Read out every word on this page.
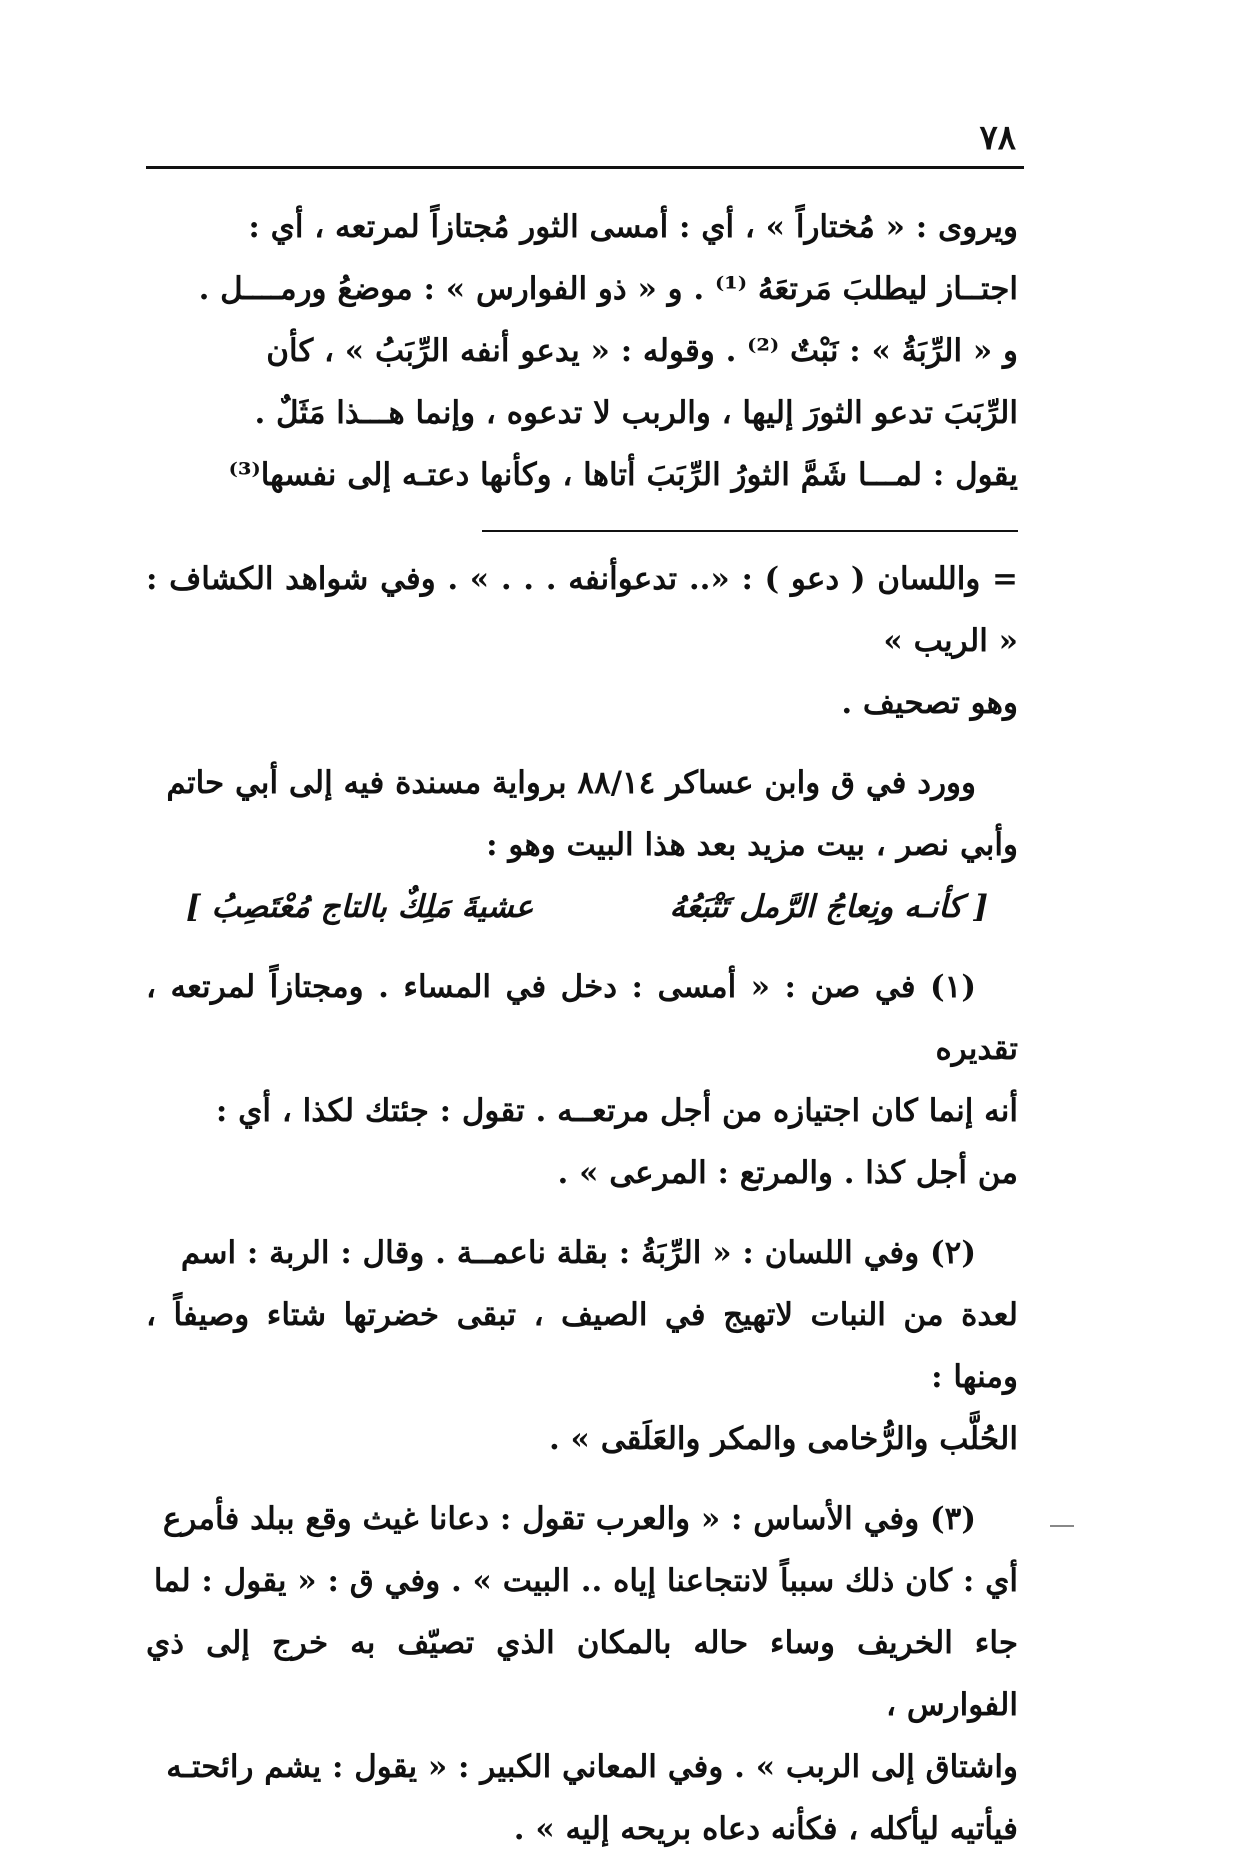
٧٨

ويروى : « مُختاراً » ، أي : أمسى الثور مُجتازاً لمرتعه ، أي :

اجتــاز ليطلبَ مَرتعَهُ ⁽¹⁾ . و « ذو الفوارس » : موضعُ ورمــــل .

و « الرِّبَةُ » : نَبْتٌ ⁽²⁾ . وقوله : « يدعو أنفه الرِّبَبُ » ، كأن

الرِّبَبَ تدعو الثورَ إليها ، والربب لا تدعوه ، وإنما هـــذا مَثَلٌ .

يقول : لمـــا شَمَّ الثورُ الرِّبَبَ أتاها ، وكأنها دعتـه إلى نفسها⁽³⁾

= واللسان ( دعو ) : «.. تدعوأنفه . . . » . وفي شواهد الكشاف : « الريب »

وهو تصحيف .

وورد في ق وابن عساكر ٨٨/١٤ برواية مسندة فيه إلى أبي حاتم

وأبي نصر ، بيت مزيد بعد هذا البيت وهو :

[ كأنـه ونِعاجُ الرَّمل تَتْبَعُهُ
عشيةَ مَلِكٌ بالتاج مُعْتَصِبُ ]

(١) في صن : « أمسى : دخل في المساء . ومجتازاً لمرتعه ، تقديره

أنه إنما كان اجتيازه من أجل مرتعــه . تقول : جئتك لكذا ، أي :

من أجل كذا . والمرتع : المرعى » .

(٢) وفي اللسان : « الرِّبَةُ : بقلة ناعمــة . وقال : الربة : اسم

لعدة من النبات لاتهيج في الصيف ، تبقى خضرتها شتاء وصيفاً ، ومنها :

الحُلَّب والرُّخامى والمكر والعَلَقى » .

(٣) وفي الأساس : « والعرب تقول : دعانا غيث وقع ببلد فأمرع

أي : كان ذلك سبباً لانتجاعنا إياه .. البيت » . وفي ق : « يقول : لما

جاء الخريف وساء حاله بالمكان الذي تصيّف به خرج إلى ذي الفوارس ،

واشتاق إلى الربب » . وفي المعاني الكبير : « يقول : يشم رائحتـه

فيأتيه ليأكله ، فكأنه دعاه بريحه إليه » .
